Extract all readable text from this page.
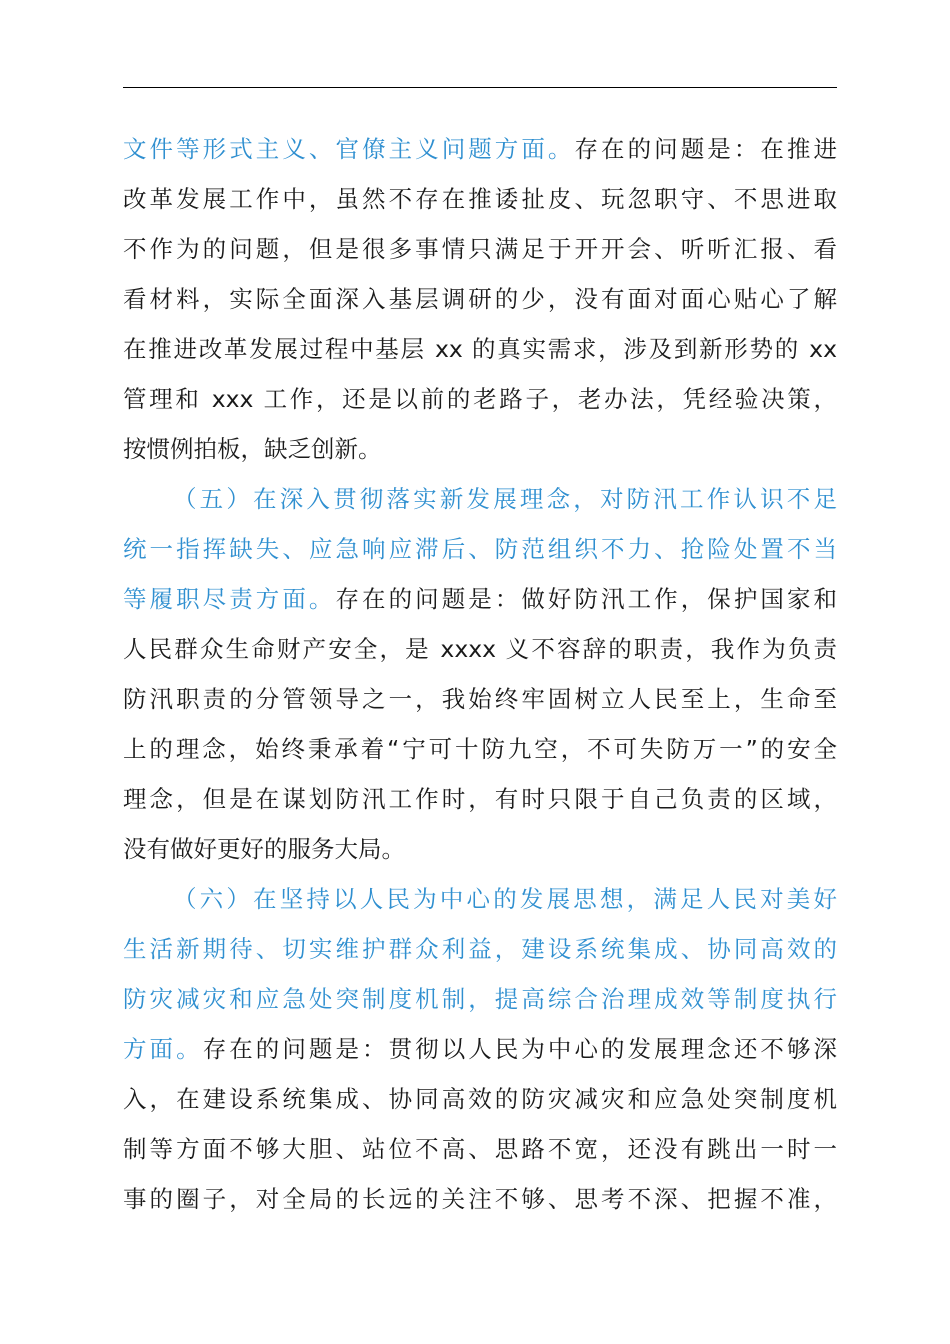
文件等形式主义、官僚主义问题方面。存在的问题是：在推进
改革发展工作中，虽然不存在推诿扯皮、玩忽职守、不思进取
不作为的问题，但是很多事情只满足于开开会、听听汇报、看
看材料，实际全面深入基层调研的少，没有面对面心贴心了解
在推进改革发展过程中基层 xx 的真实需求，涉及到新形势的 xx
管理和 xxx 工作，还是以前的老路子，老办法，凭经验决策，
按惯例拍板，缺乏创新。
（五）在深入贯彻落实新发展理念，对防汛工作认识不足
统一指挥缺失、应急响应滞后、防范组织不力、抢险处置不当
等履职尽责方面。存在的问题是：做好防汛工作，保护国家和
人民群众生命财产安全，是 xxxx 义不容辞的职责，我作为负责
防汛职责的分管领导之一，我始终牢固树立人民至上，生命至
上的理念，始终秉承着“宁可十防九空，不可失防万一”的安全
理念，但是在谋划防汛工作时，有时只限于自己负责的区域，
没有做好更好的服务大局。
（六）在坚持以人民为中心的发展思想，满足人民对美好
生活新期待、切实维护群众利益，建设系统集成、协同高效的
防灾减灾和应急处突制度机制，提高综合治理成效等制度执行
方面。存在的问题是：贯彻以人民为中心的发展理念还不够深
入，在建设系统集成、协同高效的防灾减灾和应急处突制度机
制等方面不够大胆、站位不高、思路不宽，还没有跳出一时一
事的圈子，对全局的长远的关注不够、思考不深、把握不准，
